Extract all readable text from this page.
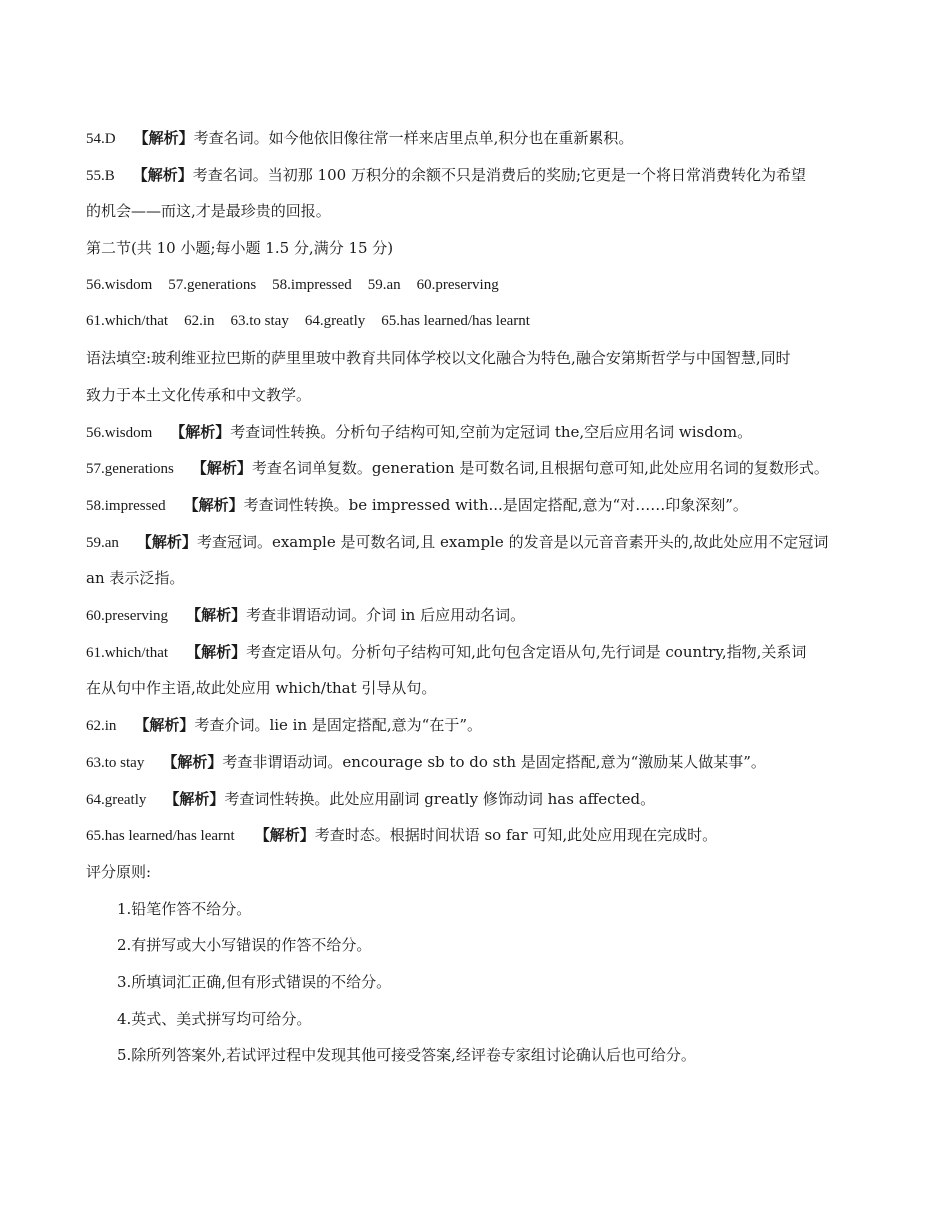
54.D 【解析】考查名词。如今他依旧像往常一样来店里点单,积分也在重新累积。
55.B 【解析】考查名词。当初那 100 万积分的余额不只是消费后的奖励;它更是一个将日常消费转化为希望
的机会——而这,才是最珍贵的回报。
第二节(共 10 小题;每小题 1.5 分,满分 15 分)
56.wisdom 57.generations 58.impressed 59.an 60.preserving
61.which/that 62.in 63.to stay 64.greatly 65.has learned/has learnt
语法填空:玻利维亚拉巴斯的萨里里玻中教育共同体学校以文化融合为特色,融合安第斯哲学与中国智慧,同时
致力于本土文化传承和中文教学。
56.wisdom 【解析】考查词性转换。分析句子结构可知,空前为定冠词 the,空后应用名词 wisdom。
57.generations 【解析】考查名词单复数。generation 是可数名词,且根据句意可知,此处应用名词的复数形式。
58.impressed 【解析】考查词性转换。be impressed with...是固定搭配,意为“对……印象深刻”。
59.an 【解析】考查冠词。example 是可数名词,且 example 的发音是以元音音素开头的,故此处应用不定冠词
an 表示泛指。
60.preserving 【解析】考查非谓语动词。介词 in 后应用动名词。
61.which/that 【解析】考查定语从句。分析句子结构可知,此句包含定语从句,先行词是 country,指物,关系词
在从句中作主语,故此处应用 which/that 引导从句。
62.in 【解析】考查介词。lie in 是固定搭配,意为“在于”。
63.to stay 【解析】考查非谓语动词。encourage sb to do sth 是固定搭配,意为“激励某人做某事”。
64.greatly 【解析】考查词性转换。此处应用副词 greatly 修饰动词 has affected。
65.has learned/has learnt 【解析】考查时态。根据时间状语 so far 可知,此处应用现在完成时。
评分原则:
1.铅笔作答不给分。
2.有拼写或大小写错误的作答不给分。
3.所填词汇正确,但有形式错误的不给分。
4.英式、美式拼写均可给分。
5.除所列答案外,若试评过程中发现其他可接受答案,经评卷专家组讨论确认后也可给分。
